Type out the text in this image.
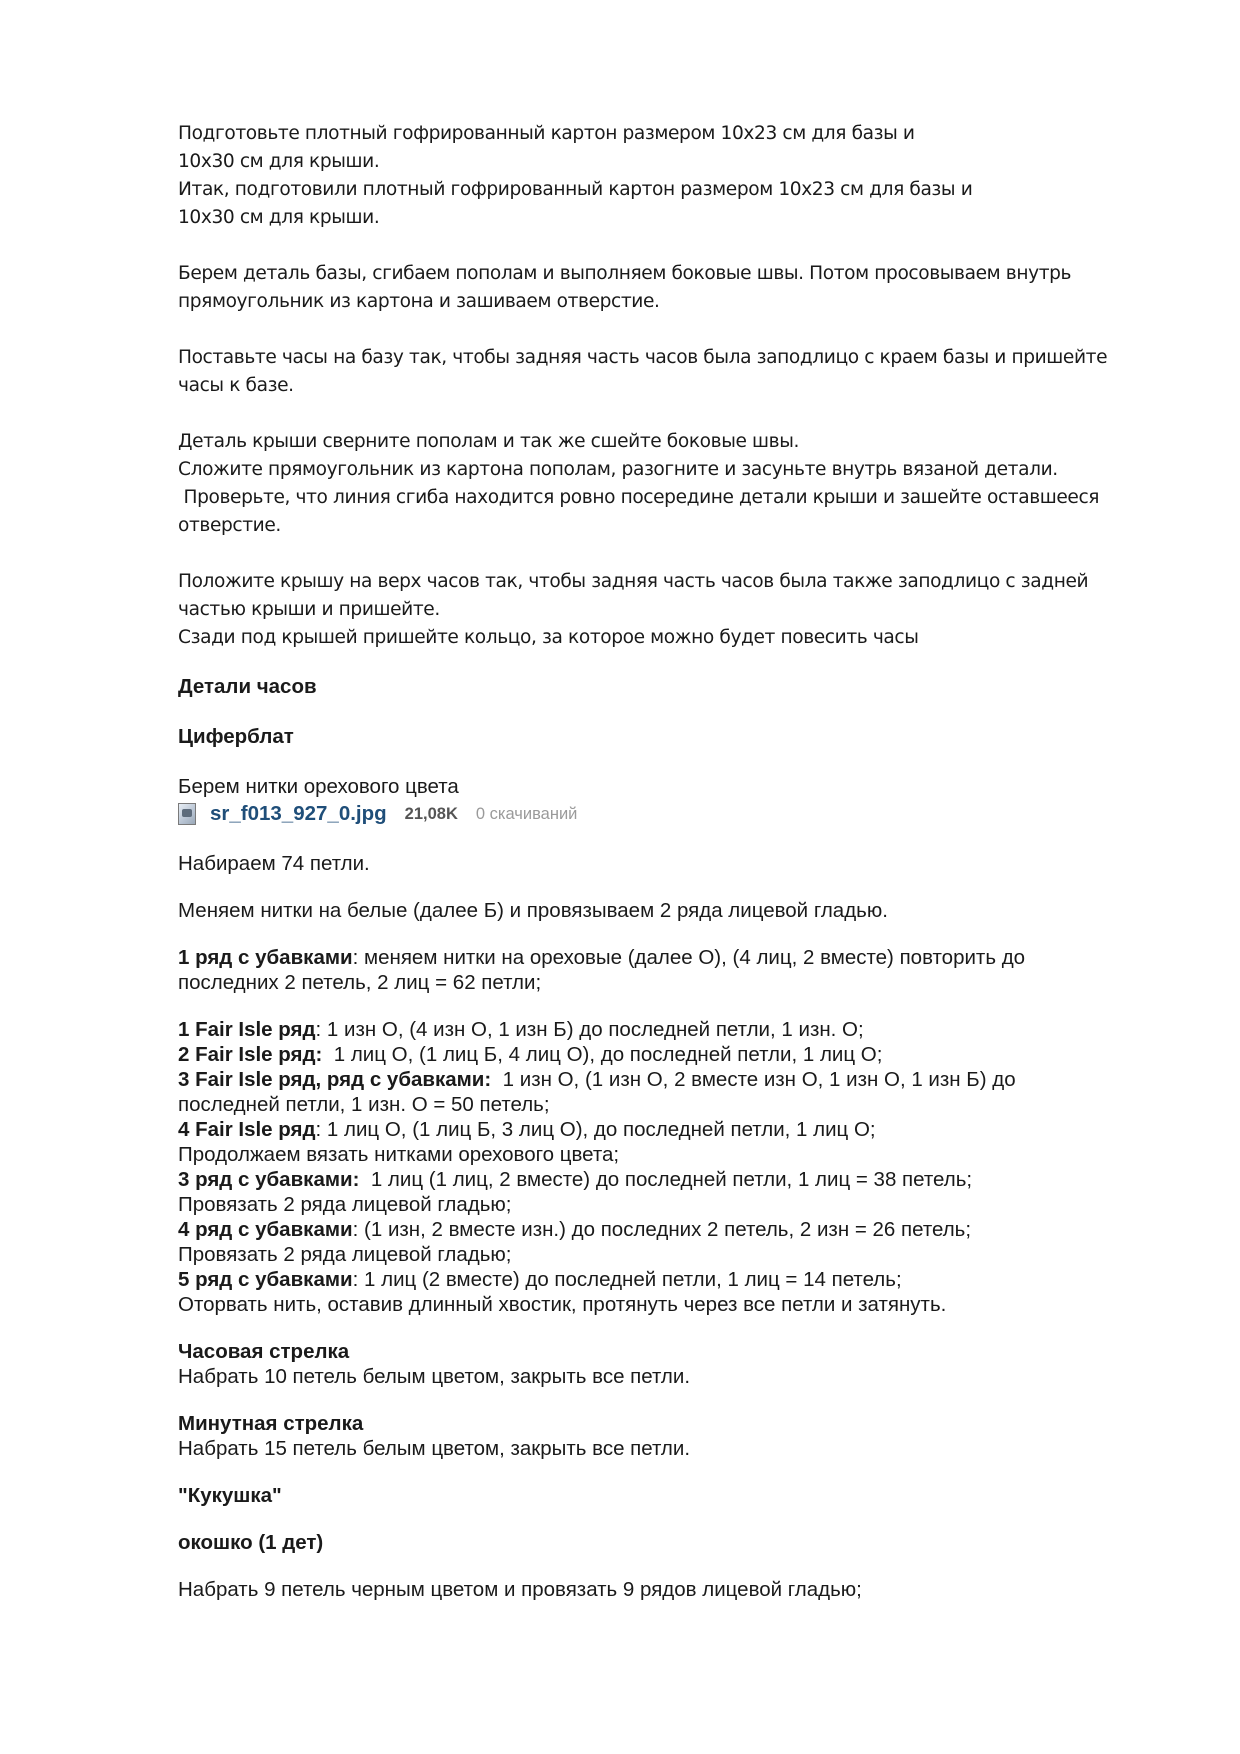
Подготовьте плотный гофрированный картон размером 10х23 см для базы и

10х30 см для крыши.

Итак, подготовили плотный гофрированный картон размером 10х23 см для базы и

10х30 см для крыши.

Берем деталь базы, сгибаем пополам и выполняем боковые швы. Потом просовываем внутрь

прямоугольник из картона и зашиваем отверстие.

Поставьте часы на базу так, чтобы задняя часть часов была заподлицо с краем базы и пришейте

часы к базе.

Деталь крыши сверните пополам и так же сшейте боковые швы.

Сложите прямоугольник из картона пополам, разогните и засуньте внутрь вязаной детали.

Проверьте, что линия сгиба находится ровно посередине детали крыши и зашейте оставшееся

отверстие.

Положите крышу на верх часов так, чтобы задняя часть часов была также заподлицо с задней

частью крыши и пришейте.

Сзади под крышей пришейте кольцо, за которое можно будет повесить часы

Детали часов

Циферблат

Берем нитки орехового цвета

sr_f013_927_0.jpg 21,08K 0 скачиваний

Набираем 74 петли.

Меняем нитки на белые (далее Б) и провязываем 2 ряда лицевой гладью.

1 ряд с убавками: меняем нитки на ореховые (далее О), (4 лиц, 2 вместе) повторить до

последних 2 петель, 2 лиц = 62 петли;

1 Fair Isle ряд: 1 изн О, (4 изн О, 1 изн Б) до последней петли, 1 изн. О;

2 Fair Isle ряд:  1 лиц О, (1 лиц Б, 4 лиц О), до последней петли, 1 лиц О;

3 Fair Isle ряд, ряд с убавками:  1 изн О, (1 изн О, 2 вместе изн О, 1 изн О, 1 изн Б) до

последней петли, 1 изн. О = 50 петель;

4 Fair Isle ряд: 1 лиц О, (1 лиц Б, 3 лиц О), до последней петли, 1 лиц О;

Продолжаем вязать нитками орехового цвета;

3 ряд с убавками:  1 лиц (1 лиц, 2 вместе) до последней петли, 1 лиц = 38 петель;

Провязать 2 ряда лицевой гладью;

4 ряд с убавками: (1 изн, 2 вместе изн.) до последних 2 петель, 2 изн = 26 петель;

Провязать 2 ряда лицевой гладью;

5 ряд с убавками: 1 лиц (2 вместе) до последней петли, 1 лиц = 14 петель;

Оторвать нить, оставив длинный хвостик, протянуть через все петли и затянуть.

Часовая стрелка

Набрать 10 петель белым цветом, закрыть все петли.

Минутная стрелка

Набрать 15 петель белым цветом, закрыть все петли.

"Кукушка"

окошко (1 дет)

Набрать 9 петель черным цветом и провязать 9 рядов лицевой гладью;
